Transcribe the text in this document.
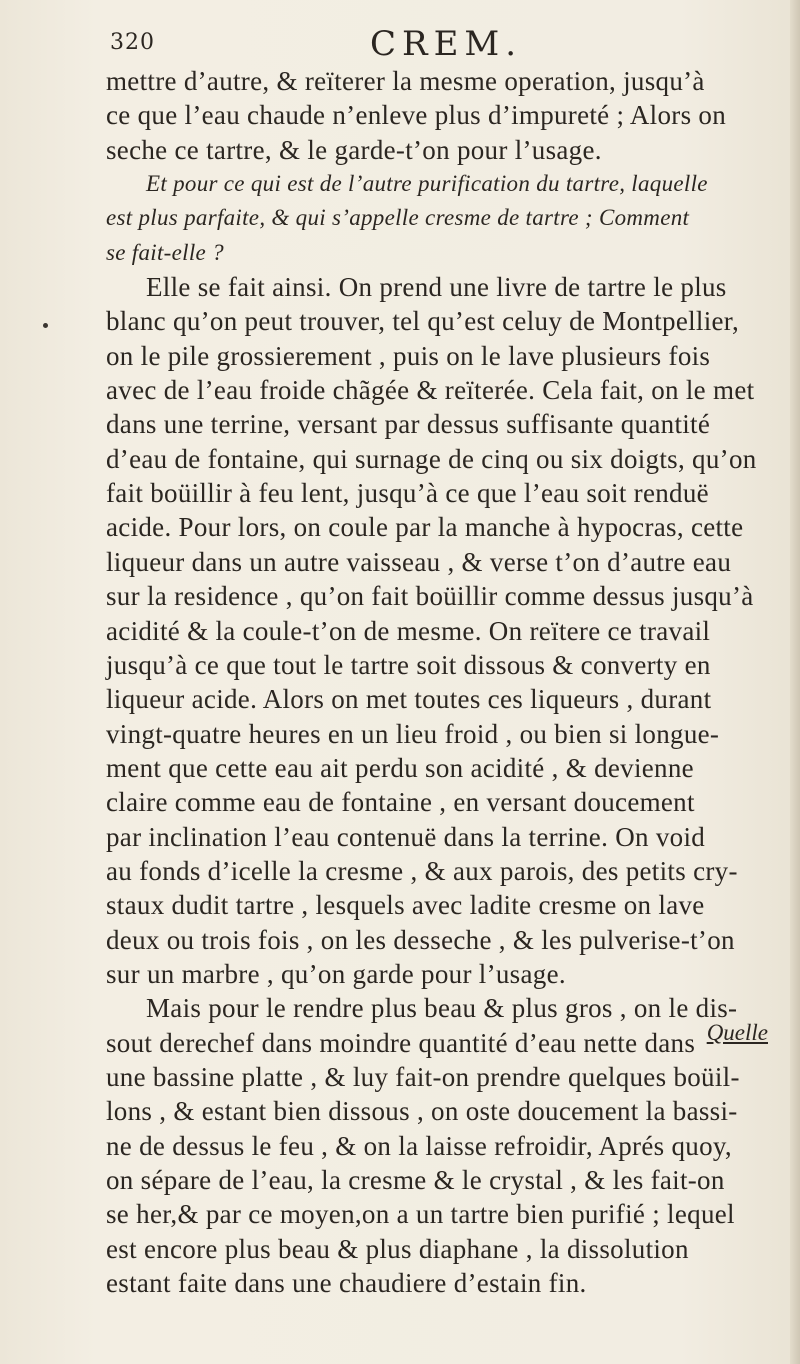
320	CREM.
mettre d’autre, & reïterer la mesme operation, jusqu’à
ce que l’eau chaude n’enleve plus d’impureté ; Alors on
seche ce tartre, & le garde-t’on pour l’usage.
Et pour ce qui est de l’autre purification du tartre, laquelle
est plus parfaite, & qui s’appelle cresme de tartre ; Comment
se fait-elle ?
Elle se fait ainsi. On prend une livre de tartre le plus
blanc qu’on peut trouver, tel qu’est celuy de Montpellier,
on le pile grossierement , puis on le lave plusieurs fois
avec de l’eau froide chãgée & reïterée. Cela fait, on le met
dans une terrine, versant par dessus suffisante quantité
d’eau de fontaine, qui surnage de cinq ou six doigts, qu’on
fait boüillir à feu lent, jusqu’à ce que l’eau soit renduë
acide. Pour lors, on coule par la manche à hypocras, cette
liqueur dans un autre vaisseau , & verse t’on d’autre eau
sur la residence , qu’on fait boüillir comme dessus jusqu’à
acidité & la coule-t’on de mesme. On reïtere ce travail
jusqu’à ce que tout le tartre soit dissous & converty en
liqueur acide. Alors on met toutes ces liqueurs , durant
vingt-quatre heures en un lieu froid , ou bien si longue-
ment que cette eau ait perdu son acidité , & devienne
claire comme eau de fontaine , en versant doucement
par inclination l’eau contenuë dans la terrine. On void
au fonds d’icelle la cresme , & aux parois, des petits cry-
staux dudit tartre , lesquels avec ladite cresme on lave
deux ou trois fois , on les desseche , & les pulverise-t’on
sur un marbre , qu’on garde pour l’usage.
Mais pour le rendre plus beau & plus gros , on le dis-
sout derechef dans moindre quantité d’eau nette dans
une bassine platte , & luy fait-on prendre quelques boüil-
lons , & estant bien dissous , on oste doucement la bassi-
ne de dessus le feu , & on la laisse refroidir, Aprés quoy,
on sépare de l’eau, la cresme & le crystal , & les fait-on
se her,& par ce moyen,on a un tartre bien purifié ; lequel
est encore plus beau & plus diaphane , la dissolution
estant faite dans une chaudiere d’estain fin.
Quelle
